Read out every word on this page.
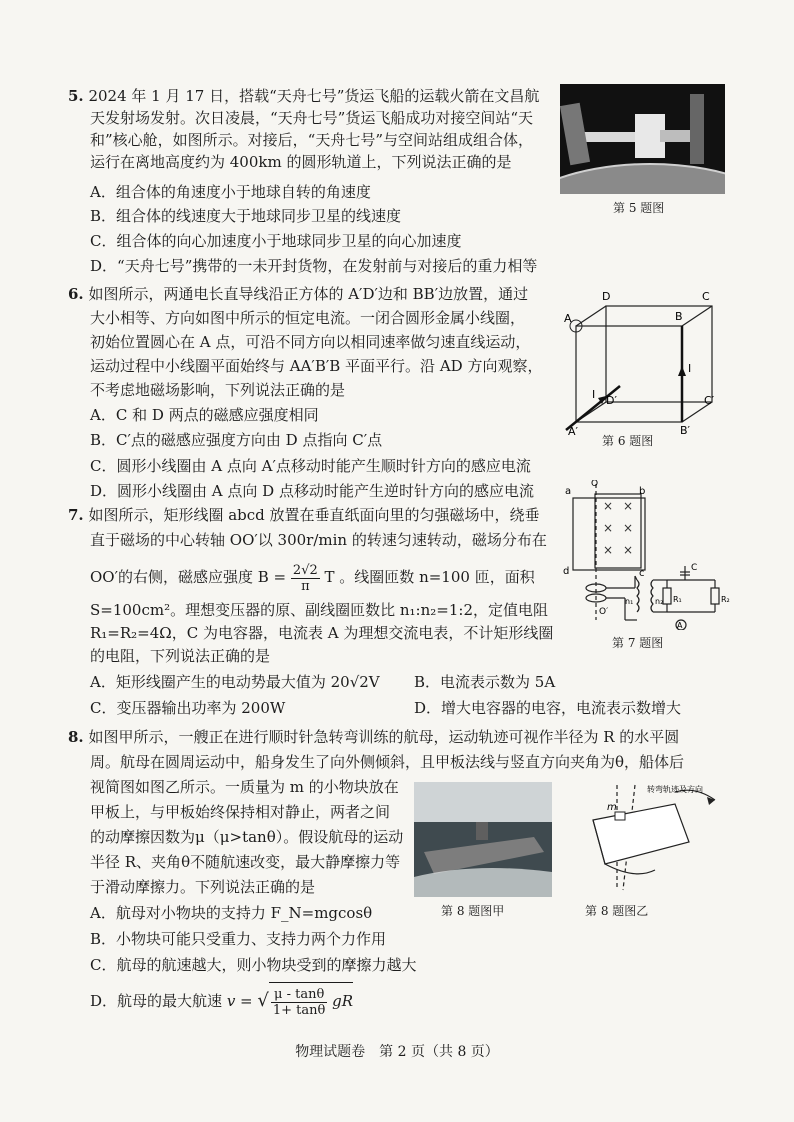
5. 2024 年 1 月 17 日，搭载“天舟七号”货运飞船的运载火箭在文昌航
天发射场发射。次日凌晨，“天舟七号”货运飞船成功对接空间站“天
和”核心舱，如图所示。对接后，“天舟七号”与空间站组成组合体，
运行在离地高度约为 400km 的圆形轨道上，下列说法正确的是
A．组合体的角速度小于地球自转的角速度
B．组合体的线速度大于地球同步卫星的线速度
C．组合体的向心加速度小于地球同步卫星的向心加速度
D．“天舟七号”携带的一未开封货物，在发射前与对接后的重力相等
第 5 题图
6. 如图所示，两通电长直导线沿正方体的 A′D′边和 BB′边放置，通过
大小相等、方向如图中所示的恒定电流。一闭合圆形金属小线圈，
初始位置圆心在 A 点，可沿不同方向以相同速率做匀速直线运动，
运动过程中小线圈平面始终与 AA′B′B 平面平行。沿 AD 方向观察，
不考虑地磁场影响，下列说法正确的是
A．C 和 D 两点的磁感应强度相同
B．C′点的磁感应强度方向由 D 点指向 C′点
C．圆形小线圈由 A 点向 A′点移动时能产生顺时针方向的感应电流
D．圆形小线圈由 A 点向 D 点移动时能产生逆时针方向的感应电流
D	C
A	B
D′	C′
A′	B′
I
I
第 6 题图
7. 如图所示，矩形线圈 abcd 放置在垂直纸面向里的匀强磁场中，绕垂
直于磁场的中心转轴 OO′以 300r/min 的转速匀速转动，磁场分布在
OO′的右侧，磁感应强度 $B = \frac{2√2}{\pi}$ T 。线圈匝数 n=100 匝，面积
S=100cm²。理想变压器的原、副线圈匝数比 n₁:n₂=1:2，定值电阻
R₁=R₂=4Ω，C 为电容器，电流表 A 为理想交流电表，不计矩形线圈
的电阻，下列说法正确的是
A．矩形线圈产生的电动势最大值为 20√2V B．电流表示数为 5A
C．变压器输出功率为 200W	D．增大电容器的电容，电流表示数增大
× ×
× ×
× ×
a	b
c
d
O
O′
n₁	n₂ R₁	R₂
C
A
第 7 题图
8. 如图甲所示，一艘正在进行顺时针急转弯训练的航母，运动轨迹可视作半径为 R 的水平圆
周。航母在圆周运动中，船身发生了向外侧倾斜，且甲板法线与竖直方向夹角为θ，船体后
视简图如图乙所示。一质量为 m 的小物块放在
甲板上，与甲板始终保持相对静止，两者之间
的动摩擦因数为μ（μ>tanθ）。假设航母的运动
半径 R、夹角θ不随航速改变，最大静摩擦力等
于滑动摩擦力。下列说法正确的是
A．航母对小物块的支持力 F_N=mgcosθ
B．小物块可能只受重力、支持力两个力作用
C．航母的航速越大，则小物块受到的摩擦力越大
D．航母的最大航速 v = √ $\frac{\mu - \tan\theta}{1+ \tan\theta}$ gR
第 8 题图甲
m
转弯轨迹及方向
第 8 题图乙
物理试题卷　第 2 页（共 8 页）
